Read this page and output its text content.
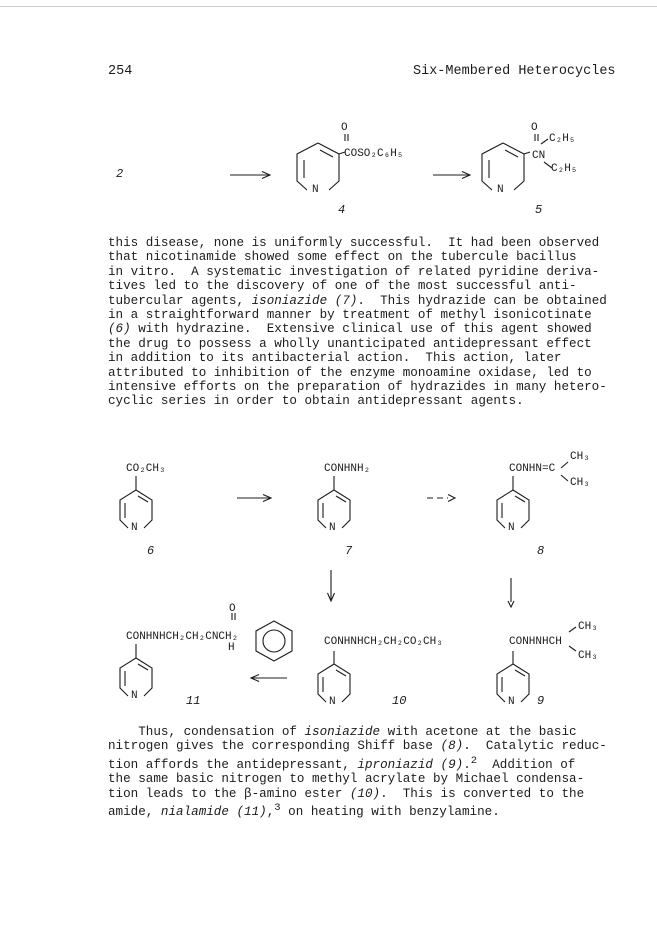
254	Six-Membered Heterocycles
2
O
COSO₂C₆H₅
N
4
O
C₂H₅
CN
C₂H₅
N
5
this disease, none is uniformly successful.  It had been observed
that nicotinamide showed some effect on the tubercule bacillus
in vitro.  A systematic investigation of related pyridine deriva-
tives led to the discovery of one of the most successful anti-
tubercular agents, isoniazide (7).  This hydrazide can be obtained
in a straightforward manner by treatment of methyl isonicotinate
(6) with hydrazine.  Extensive clinical use of this agent showed
the drug to possess a wholly unanticipated antidepressant effect
in addition to its antibacterial action.  This action, later
attributed to inhibition of the enzyme monoamine oxidase, led to
intensive efforts on the preparation of hydrazides in many hetero-
cyclic series in order to obtain antidepressant agents.
CO₂CH₃
N
6
CONHNH₂
N
7
CH₃
CONHN=C
CH₃
N
8
O
CONHNHCH₂CH₂CNCH₂
H
N	11
CONHNHCH₂CH₂CO₂CH₃
N	10
CH₃
CONHNHCH
CH₃
N 9
Thus, condensation of isoniazide with acetone at the basic
nitrogen gives the corresponding Shiff base (8).  Catalytic reduc-
tion affords the antidepressant, iproniazid (9).$^2$  Addition of
the same basic nitrogen to methyl acrylate by Michael condensa-
tion leads to the β-amino ester (10).  This is converted to the
amide, nialamide (11),$^3$ on heating with benzylamine.
